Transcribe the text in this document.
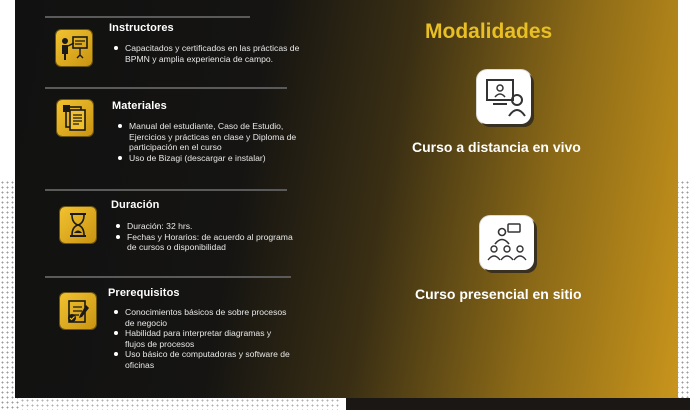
Instructores
Capacitados y certificados en las prácticas de BPMN y amplia experiencia de campo.
Materiales
Manual del estudiante, Caso de Estudio, Ejercicios y prácticas en clase y Diploma de participación en el curso
Uso de Bizagi (descargar e instalar)
Duración
Duración: 32 hrs.
Fechas y Horarios: de acuerdo al programa de cursos o disponibilidad
Prerequisitos
Conocimientos básicos de sobre procesos de negocio
Habilidad para interpretar diagramas y flujos de procesos
Uso básico de computadoras y software de oficinas
Modalidades
Curso a distancia en vivo
Curso presencial en sitio
